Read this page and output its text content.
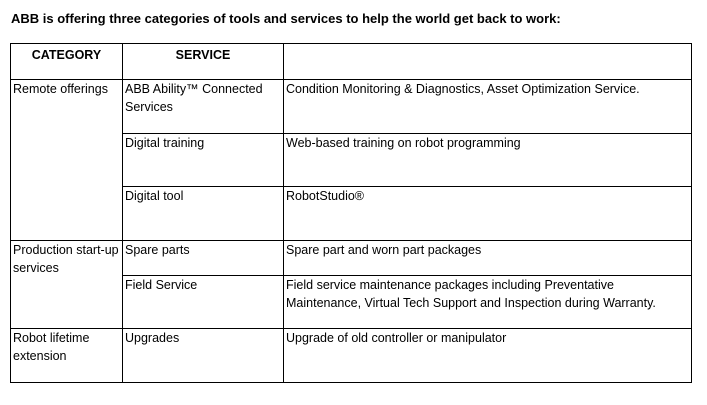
ABB is offering three categories of tools and services to help the world get back to work:
CATEGORY	SERVICE	
Remote offerings	ABB Ability™ Connected Services	Condition Monitoring & Diagnostics, Asset Optimization Service.
	Digital training	Web-based training on robot programming
	Digital tool	RobotStudio®
Production start-up services	Spare parts	Spare part and worn part packages
	Field Service	Field service maintenance packages including Preventative Maintenance, Virtual Tech Support and Inspection during Warranty.
Robot lifetime extension	Upgrades	Upgrade of old controller or manipulator
